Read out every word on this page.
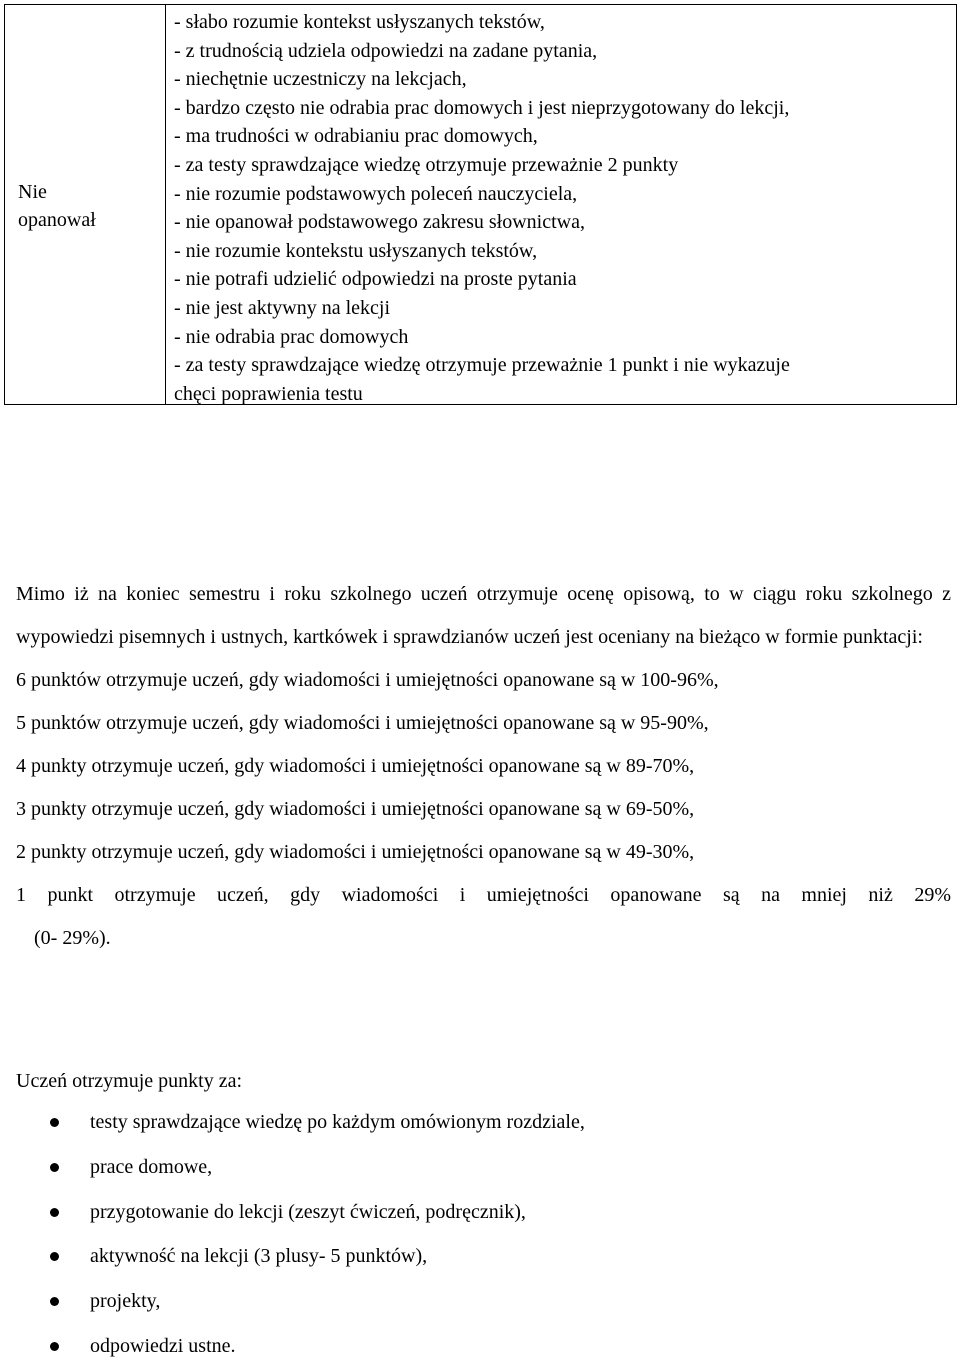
Nie
opanował
- słabo rozumie kontekst usłyszanych tekstów,
- z trudnością udziela odpowiedzi na zadane pytania,
- niechętnie uczestniczy na lekcjach,
- bardzo często nie odrabia prac domowych i jest nieprzygotowany do lekcji,
- ma trudności w odrabianiu prac domowych,
- za testy sprawdzające wiedzę otrzymuje przeważnie 2 punkty
- nie rozumie podstawowych poleceń nauczyciela,
- nie opanował podstawowego zakresu słownictwa,
- nie rozumie kontekstu usłyszanych tekstów,
- nie potrafi udzielić odpowiedzi na proste pytania
- nie jest aktywny na lekcji
- nie odrabia prac domowych
- za testy sprawdzające wiedzę otrzymuje przeważnie 1 punkt i nie wykazuje
chęci poprawienia testu

Mimo iż na koniec semestru i roku szkolnego uczeń otrzymuje ocenę opisową, to w ciągu roku szkolnego z wypowiedzi pisemnych i ustnych, kartkówek i sprawdzianów uczeń jest oceniany na bieżąco w formie punktacji:

6 punktów otrzymuje uczeń, gdy wiadomości i umiejętności opanowane są w 100-96%,

5 punktów otrzymuje uczeń, gdy wiadomości i umiejętności opanowane są w 95-90%,

4 punkty otrzymuje uczeń, gdy wiadomości i umiejętności opanowane są w 89-70%,

3 punkty otrzymuje uczeń, gdy wiadomości i umiejętności opanowane są w 69-50%,

2 punkty otrzymuje uczeń, gdy wiadomości i umiejętności opanowane są w 49-30%,

1 punkt otrzymuje uczeń, gdy wiadomości i umiejętności opanowane są na mniej niż 29%

(0- 29%).

Uczeń otrzymuje punkty za:

testy sprawdzające wiedzę po każdym omówionym rozdziale,
prace domowe,
przygotowanie do lekcji (zeszyt ćwiczeń, podręcznik),
aktywność na lekcji (3 plusy- 5 punktów),
projekty,
odpowiedzi ustne.
